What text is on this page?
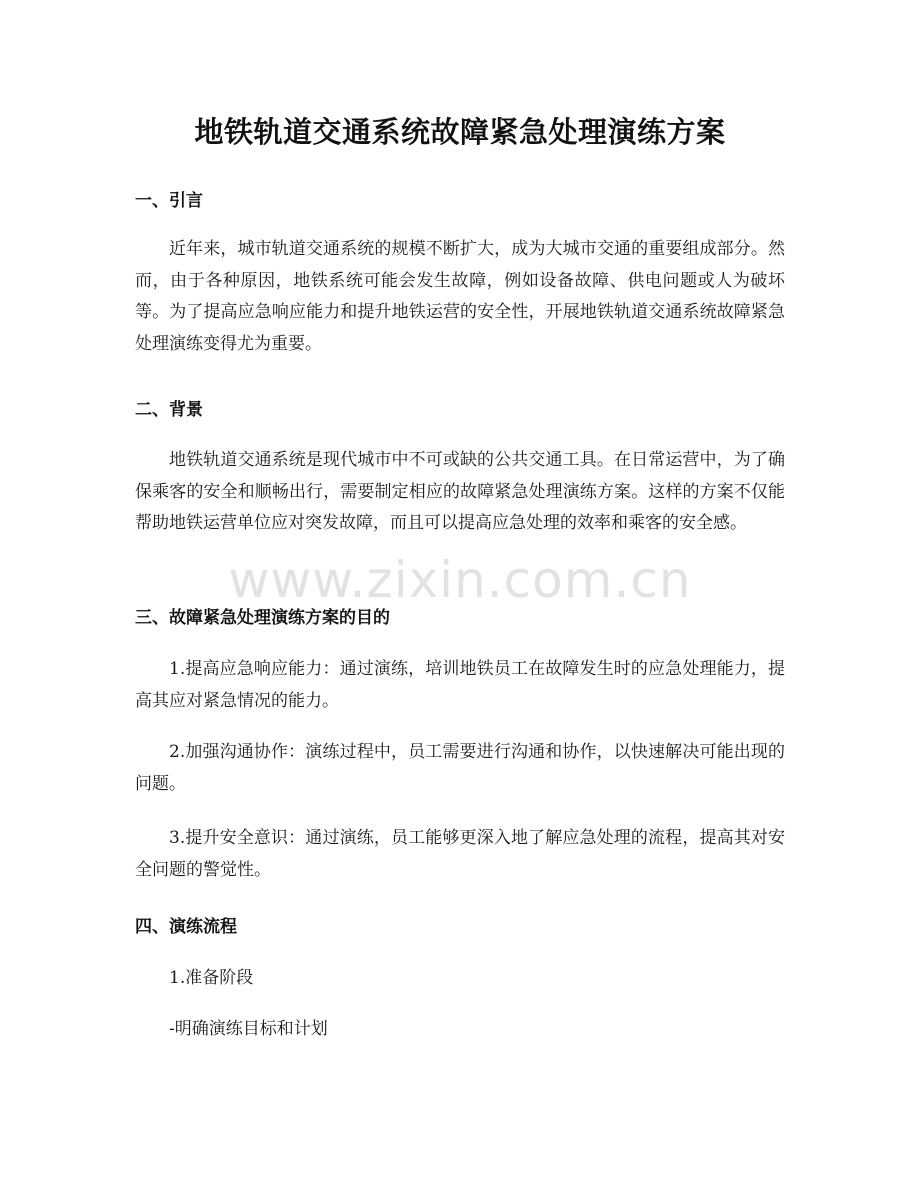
地铁轨道交通系统故障紧急处理演练方案
一、引言
近年来，城市轨道交通系统的规模不断扩大，成为大城市交通的重要组成部分。然而，由于各种原因，地铁系统可能会发生故障，例如设备故障、供电问题或人为破坏等。为了提高应急响应能力和提升地铁运营的安全性，开展地铁轨道交通系统故障紧急处理演练变得尤为重要。
二、背景
地铁轨道交通系统是现代城市中不可或缺的公共交通工具。在日常运营中，为了确保乘客的安全和顺畅出行，需要制定相应的故障紧急处理演练方案。这样的方案不仅能帮助地铁运营单位应对突发故障，而且可以提高应急处理的效率和乘客的安全感。
三、故障紧急处理演练方案的目的
1.提高应急响应能力：通过演练，培训地铁员工在故障发生时的应急处理能力，提高其应对紧急情况的能力。
2.加强沟通协作：演练过程中，员工需要进行沟通和协作，以快速解决可能出现的问题。
3.提升安全意识：通过演练，员工能够更深入地了解应急处理的流程，提高其对安全问题的警觉性。
四、演练流程
1.准备阶段
-明确演练目标和计划
www.zixin.com.cn
